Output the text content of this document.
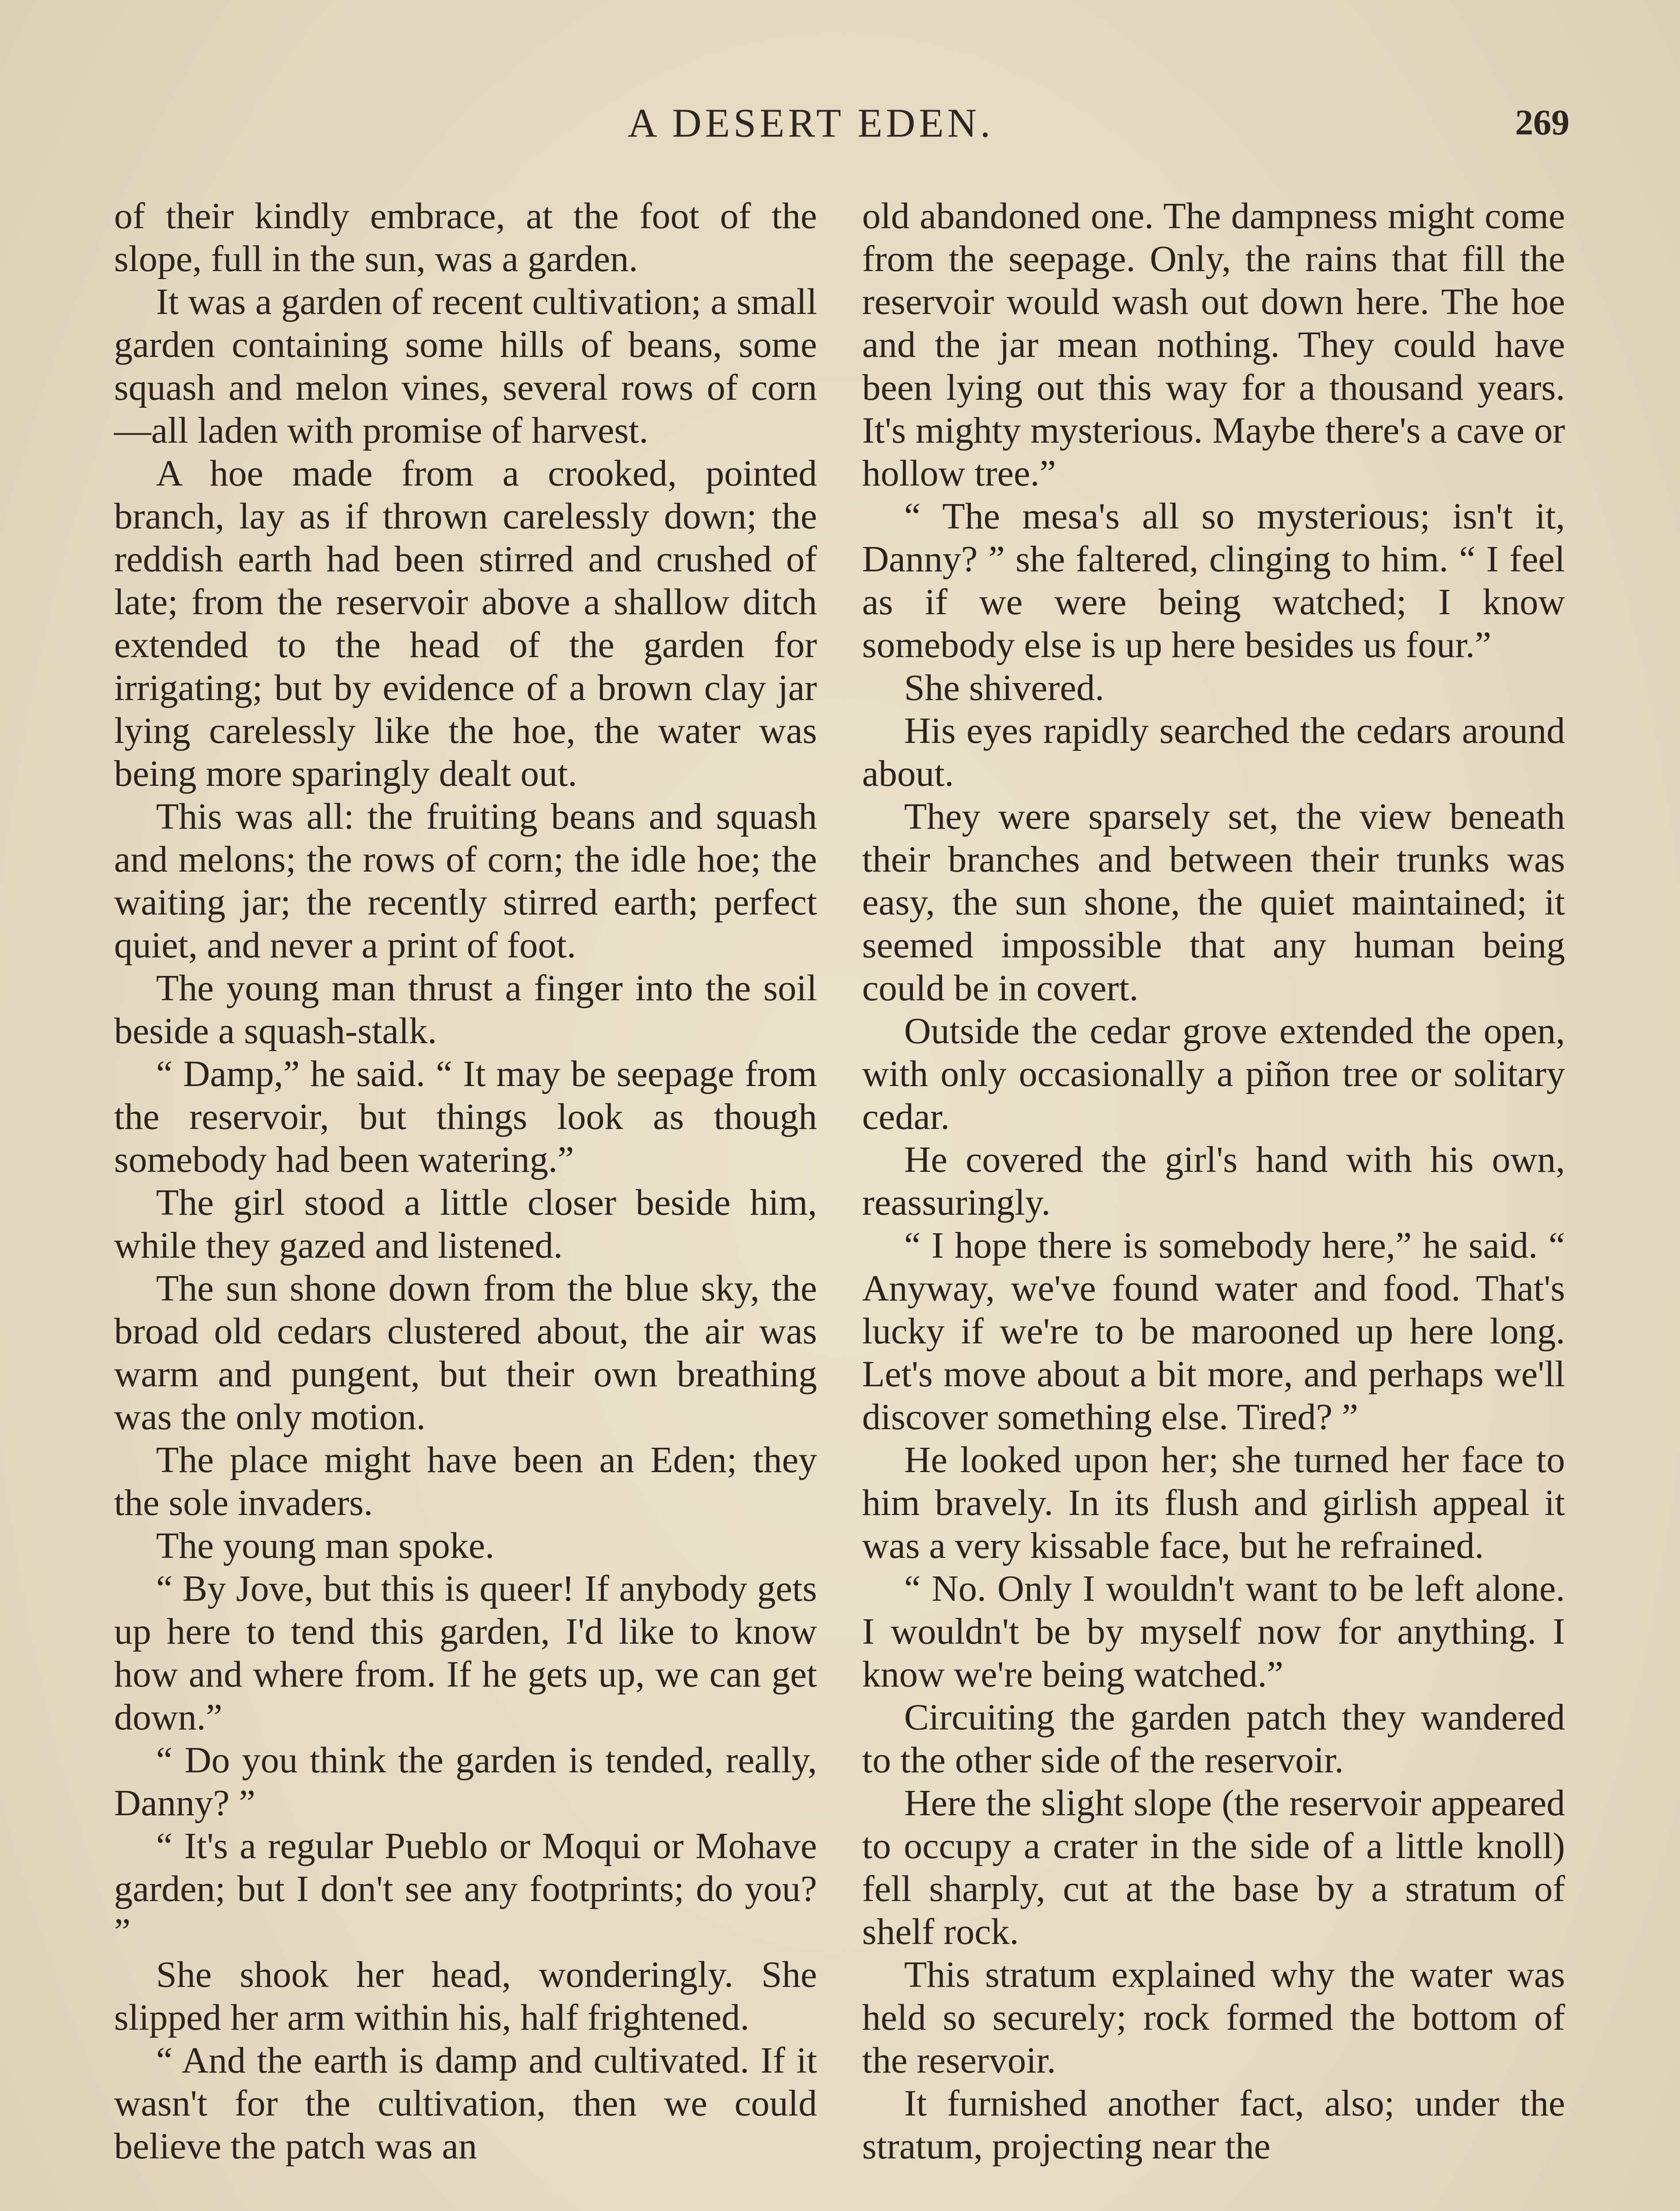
A DESERT EDEN.	269

of their kindly embrace, at the foot of the slope, full in the sun, was a garden.

It was a garden of recent cultivation; a small garden containing some hills of beans, some squash and melon vines, several rows of corn—all laden with promise of harvest.

A hoe made from a crooked, pointed branch, lay as if thrown carelessly down; the reddish earth had been stirred and crushed of late; from the reservoir above a shallow ditch extended to the head of the garden for irrigating; but by evidence of a brown clay jar lying carelessly like the hoe, the water was being more sparingly dealt out.

This was all: the fruiting beans and squash and melons; the rows of corn; the idle hoe; the waiting jar; the recently stirred earth; perfect quiet, and never a print of foot.

The young man thrust a finger into the soil beside a squash-stalk.

“ Damp,” he said. “ It may be seepage from the reservoir, but things look as though somebody had been watering.”

The girl stood a little closer beside him, while they gazed and listened.

The sun shone down from the blue sky, the broad old cedars clustered about, the air was warm and pungent, but their own breathing was the only motion.

The place might have been an Eden; they the sole invaders.

The young man spoke.

“ By Jove, but this is queer! If anybody gets up here to tend this garden, I'd like to know how and where from. If he gets up, we can get down.”

“ Do you think the garden is tended, really, Danny? ”

“ It's a regular Pueblo or Moqui or Mohave garden; but I don't see any footprints; do you? ”

She shook her head, wonderingly. She slipped her arm within his, half frightened.

“ And the earth is damp and cultivated. If it wasn't for the cultivation, then we could believe the patch was an

old abandoned one. The dampness might come from the seepage. Only, the rains that fill the reservoir would wash out down here. The hoe and the jar mean nothing. They could have been lying out this way for a thousand years. It's mighty mysterious. Maybe there's a cave or hollow tree.”

“ The mesa's all so mysterious; isn't it, Danny? ” she faltered, clinging to him. “ I feel as if we were being watched; I know somebody else is up here besides us four.”

She shivered.

His eyes rapidly searched the cedars around about.

They were sparsely set, the view beneath their branches and between their trunks was easy, the sun shone, the quiet maintained; it seemed impossible that any human being could be in covert.

Outside the cedar grove extended the open, with only occasionally a piñon tree or solitary cedar.

He covered the girl's hand with his own, reassuringly.

“ I hope there is somebody here,” he said. “ Anyway, we've found water and food. That's lucky if we're to be marooned up here long. Let's move about a bit more, and perhaps we'll discover something else. Tired? ”

He looked upon her; she turned her face to him bravely. In its flush and girlish appeal it was a very kissable face, but he refrained.

“ No. Only I wouldn't want to be left alone. I wouldn't be by myself now for anything. I know we're being watched.”

Circuiting the garden patch they wandered to the other side of the reservoir.

Here the slight slope (the reservoir appeared to occupy a crater in the side of a little knoll) fell sharply, cut at the base by a stratum of shelf rock.

This stratum explained why the water was held so securely; rock formed the bottom of the reservoir.

It furnished another fact, also; under the stratum, projecting near the
